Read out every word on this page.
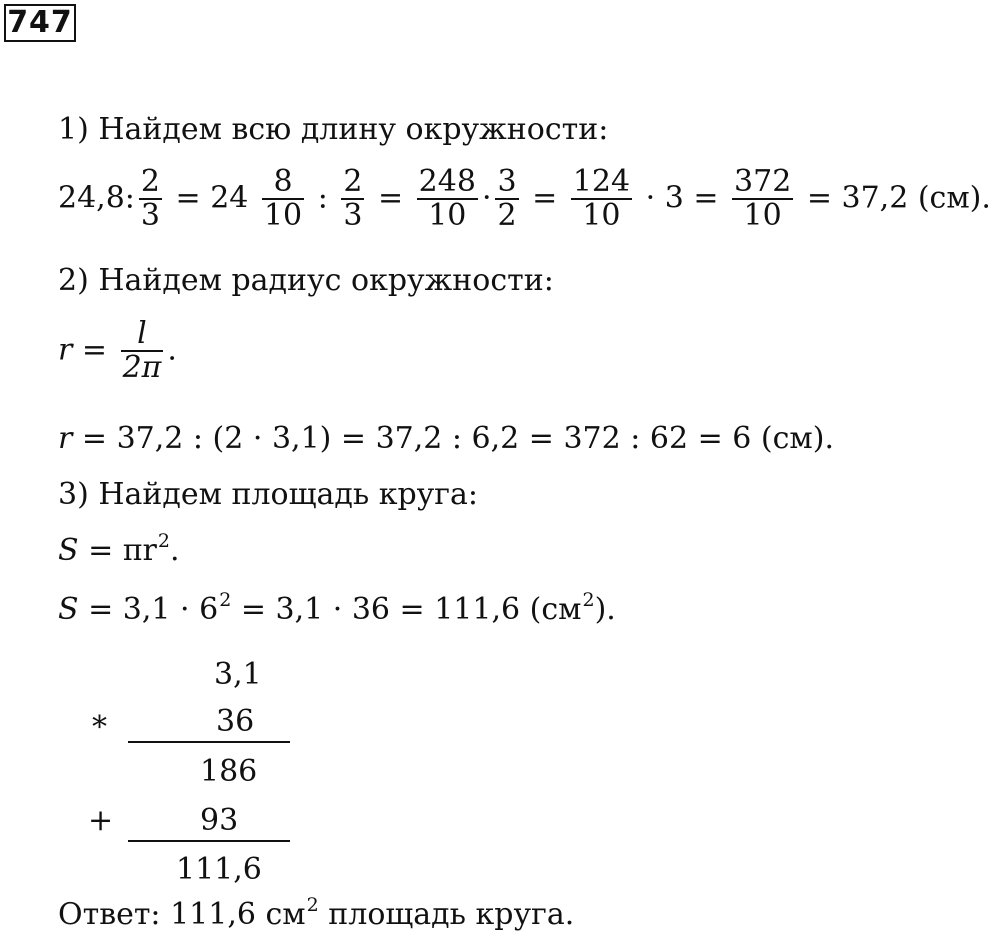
747
1) Найдем всю длину окружности:
24,8: $\frac{2}{3} = 24 \frac{8}{10}$ : $\frac{2}{3} = \frac{248}{10} \cdot \frac{3}{2} = \frac{124}{10} \cdot 3 = \frac{372}{10} = 37,2$ (см).
2) Найдем радиус окружности:
$r = \frac{l}{2\pi}$ .
r = 37,2 : (2 · 3,1) = 37,2 : 6,2 = 372 : 62 = 6 (см).
3) Найдем площадь круга:
$S = \pi r^2$.
$S = 3,1 \cdot 6^2 = 3,1 \cdot 36 = 111,6$ $(см^2)$.
3,1
*	36
186
+	93
111,6
Ответ: 111,6 $см^2$ площадь круга.
